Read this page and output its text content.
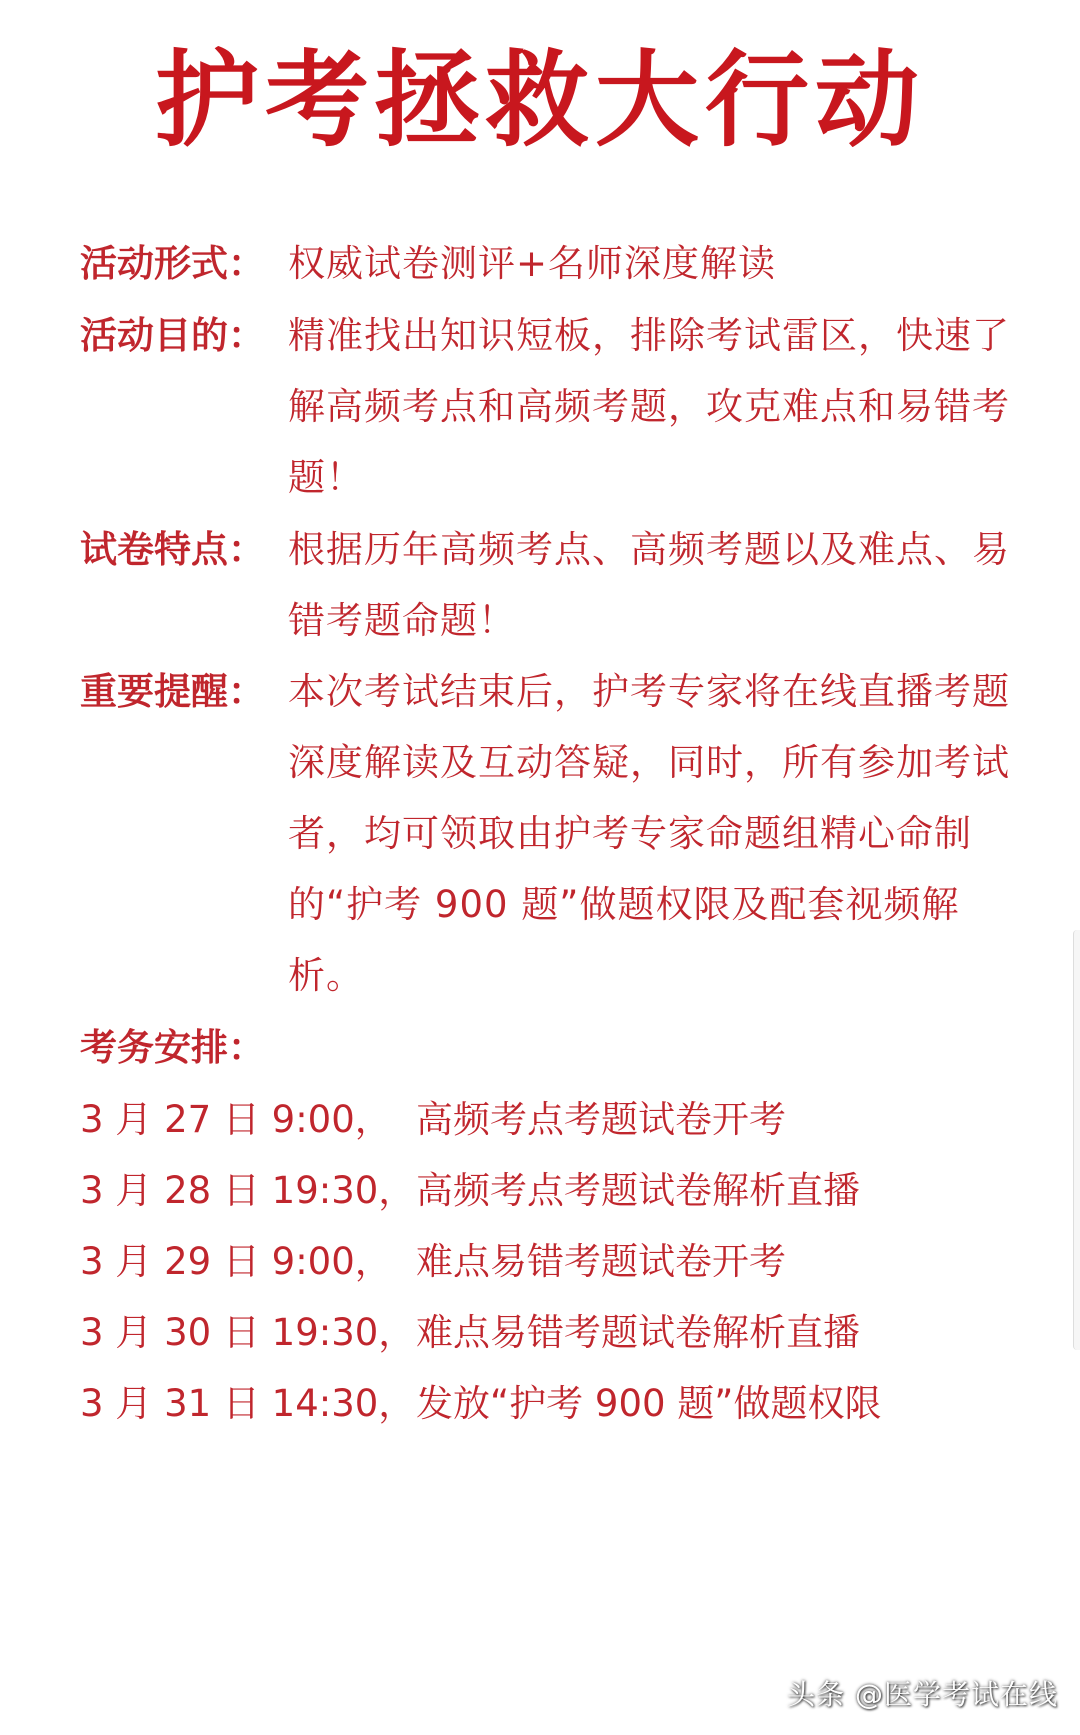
护考拯救大行动
活动形式： 权威试卷测评+名师深度解读
活动目的： 精准找出知识短板，排除考试雷区，快速了解高频考点和高频考题，攻克难点和易错考题！
试卷特点： 根据历年高频考点、高频考题以及难点、易错考题命题！
重要提醒： 本次考试结束后，护考专家将在线直播考题深度解读及互动答疑，同时，所有参加考试者，均可领取由护考专家命题组精心命制的“护考 900 题”做题权限及配套视频解析。
考务安排：
3 月 27 日 9:00， 高频考点考题试卷开考
3 月 28 日 19:30，高频考点考题试卷解析直播
3 月 29 日 9:00， 难点易错考题试卷开考
3 月 30 日 19:30，难点易错考题试卷解析直播
3 月 31 日 14:30，发放“护考 900 题”做题权限
头条 @医学考试在线
